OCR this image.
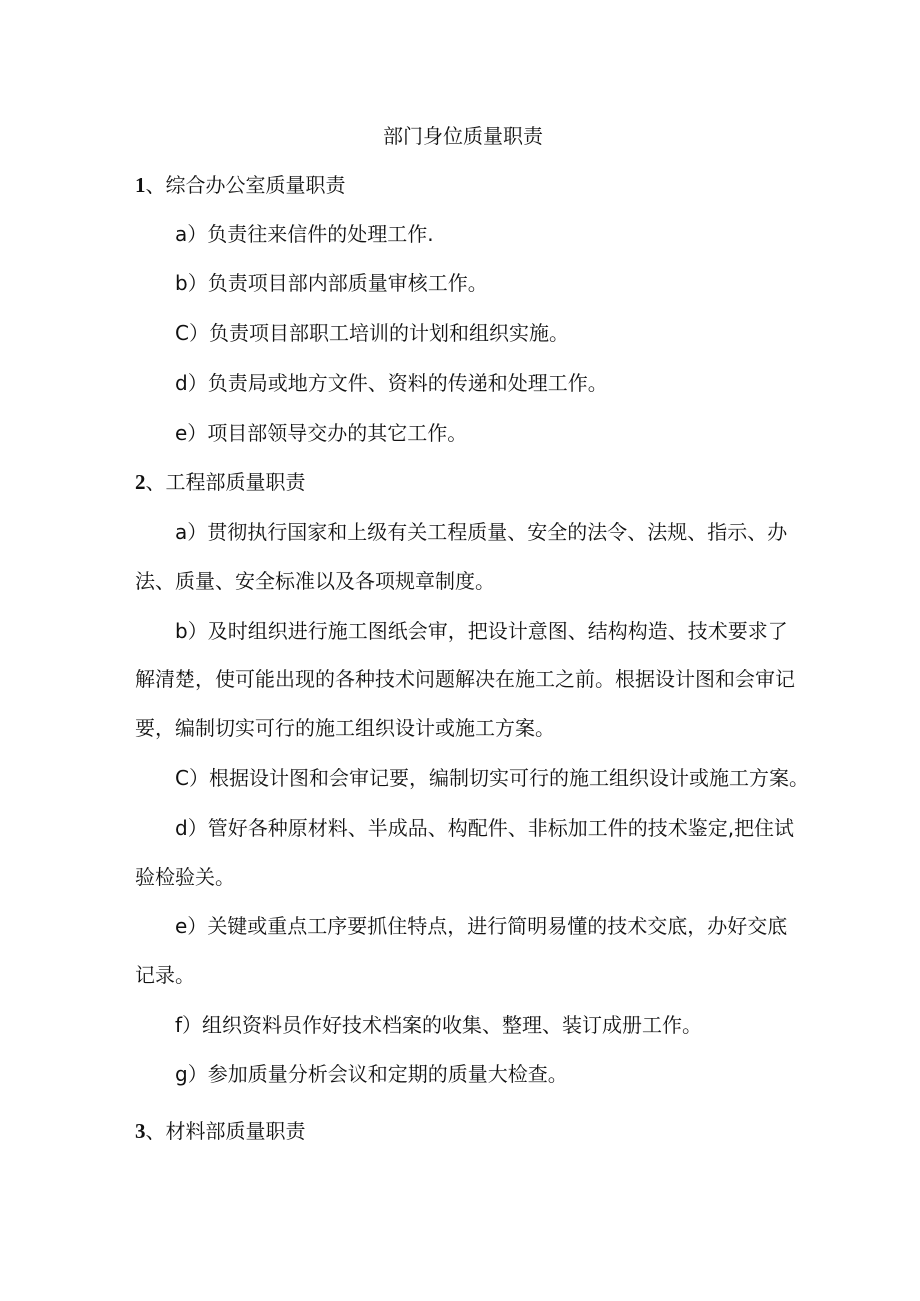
部门身位质量职责
1、综合办公室质量职责
a）负责往来信件的处理工作.
b）负责项目部内部质量审核工作。
C）负责项目部职工培训的计划和组织实施。
d）负责局或地方文件、资料的传递和处理工作。
e）项目部领导交办的其它工作。
2、工程部质量职责
a）贯彻执行国家和上级有关工程质量、安全的法令、法规、指示、办
法、质量、安全标准以及各项规章制度。
b）及时组织进行施工图纸会审，把设计意图、结构构造、技术要求了
解清楚，使可能出现的各种技术问题解决在施工之前。根据设计图和会审记
要，编制切实可行的施工组织设计或施工方案。
C）根据设计图和会审记要，编制切实可行的施工组织设计或施工方案。
d）管好各种原材料、半成品、构配件、非标加工件的技术鉴定,把住试
验检验关。
e）关键或重点工序要抓住特点，进行简明易懂的技术交底，办好交底
记录。
f）组织资料员作好技术档案的收集、整理、装订成册工作。
g）参加质量分析会议和定期的质量大检查。
3、材料部质量职责
